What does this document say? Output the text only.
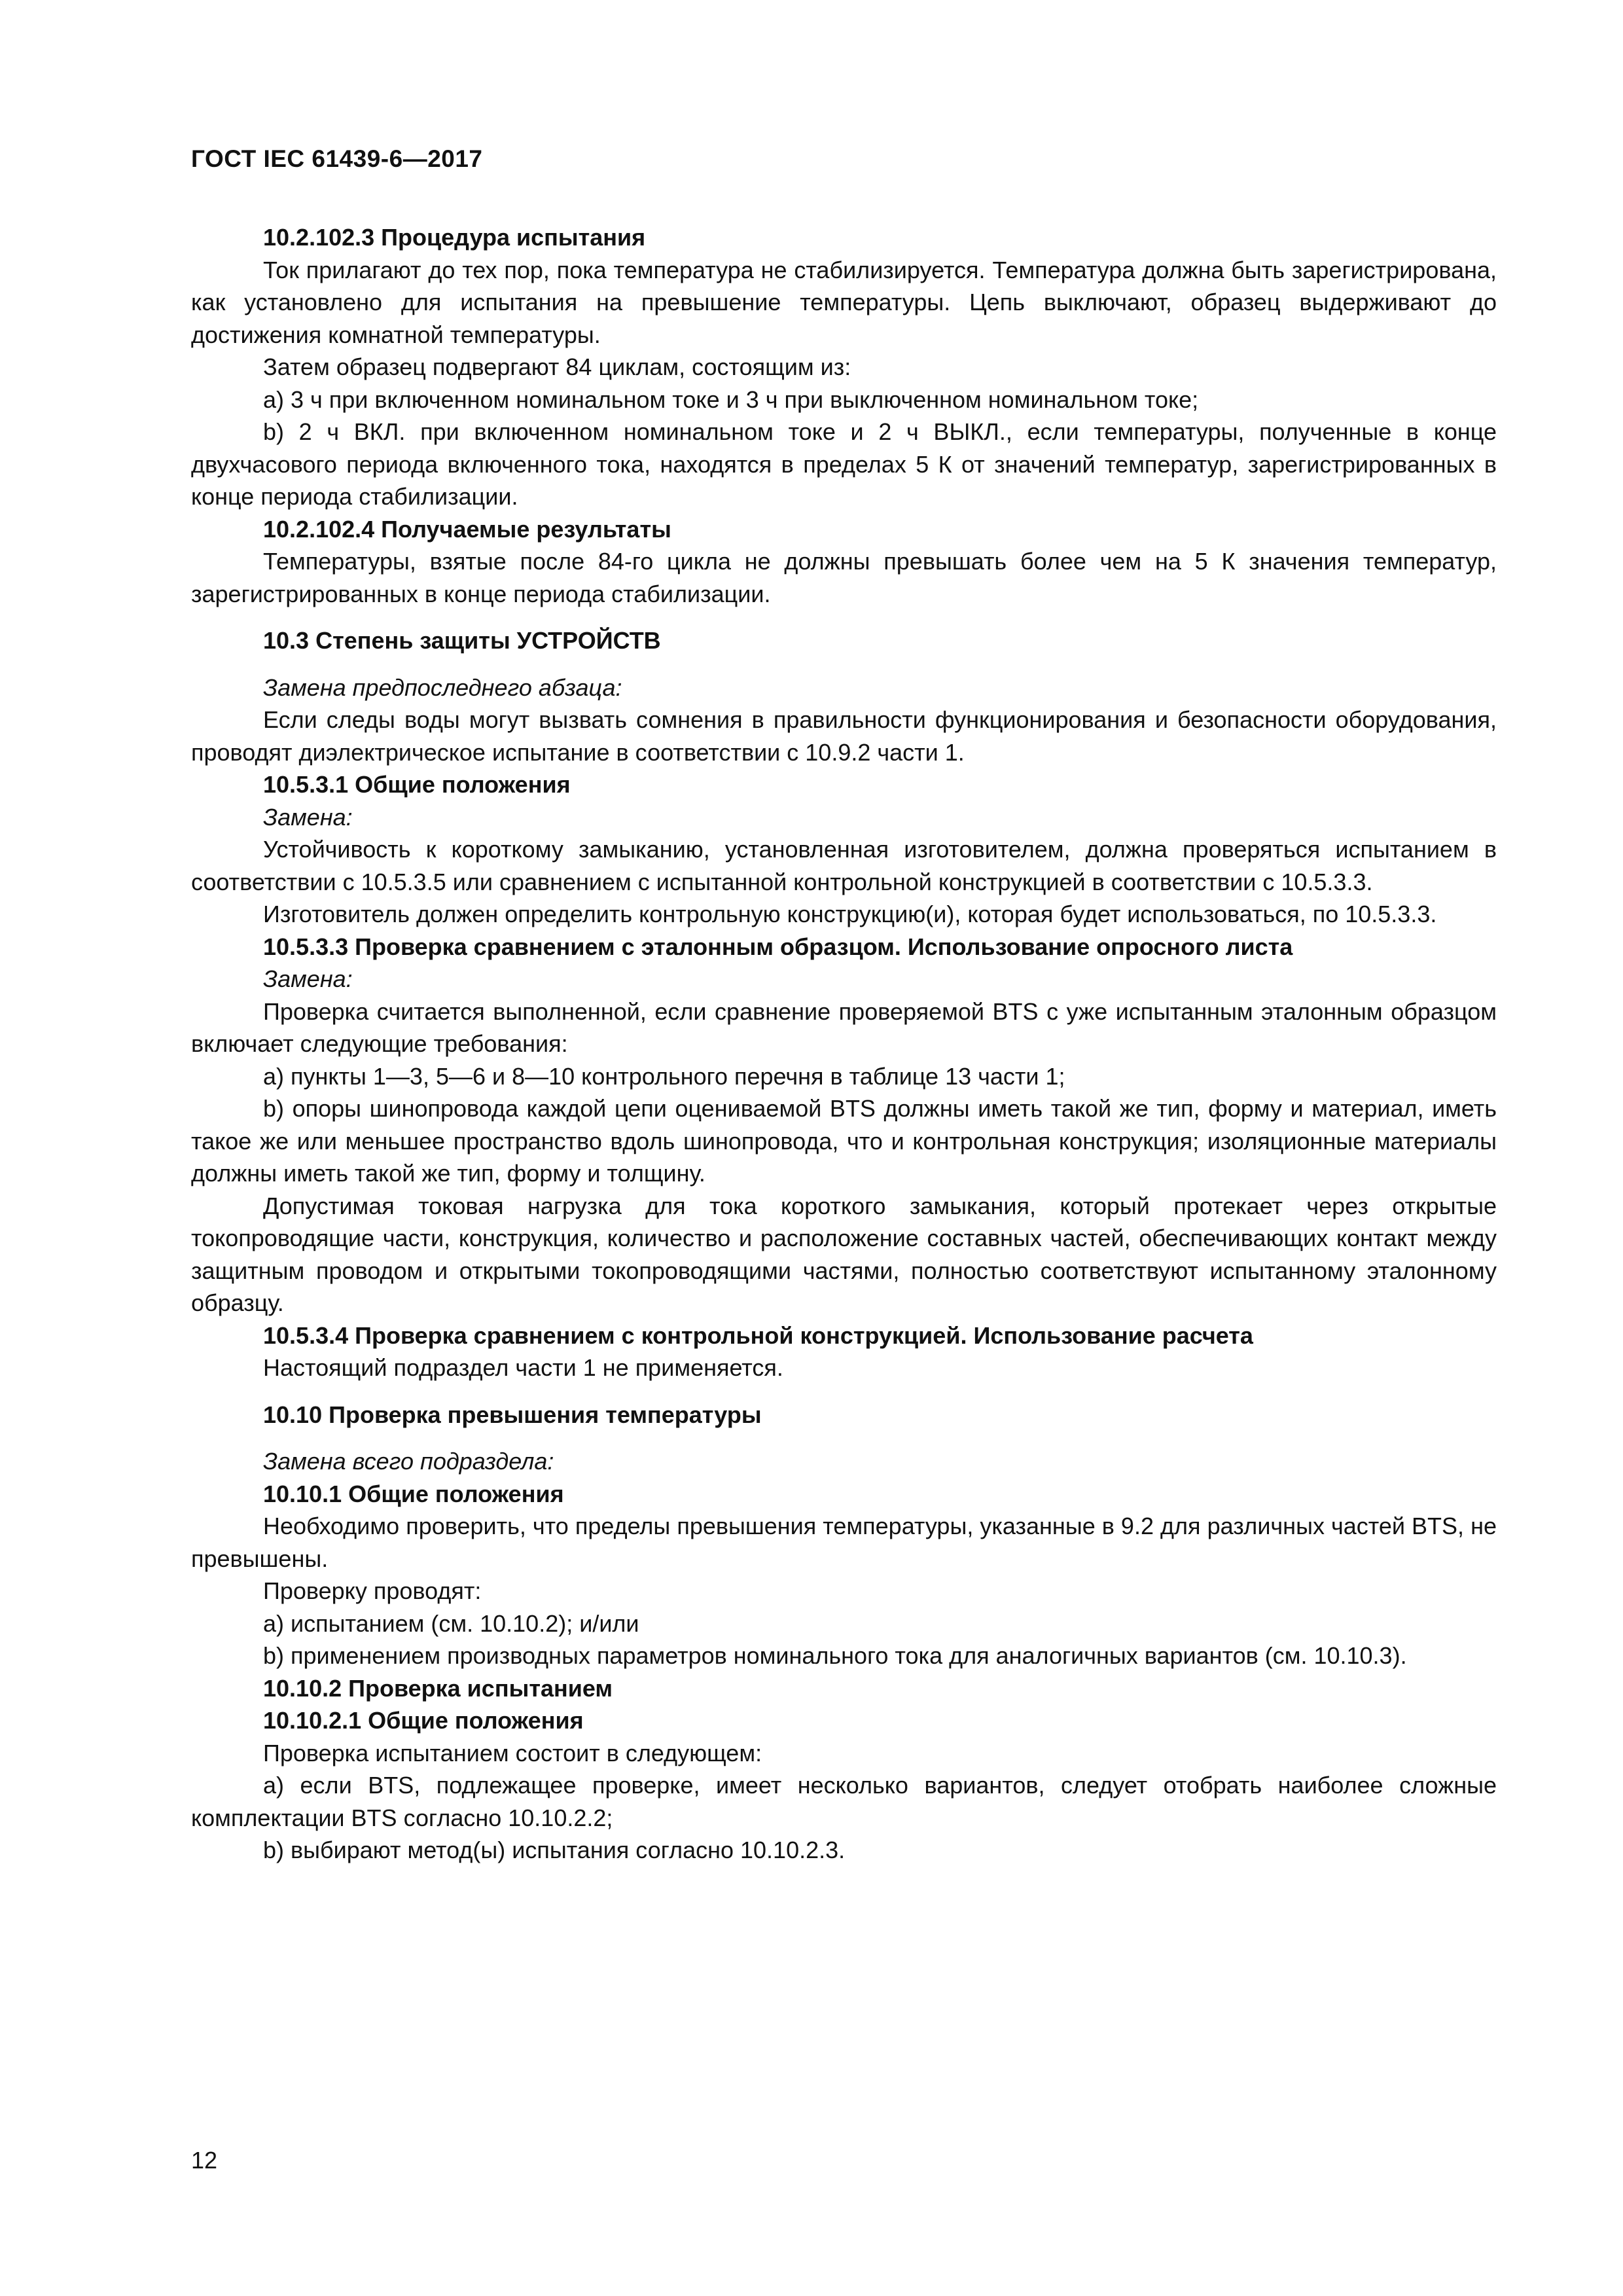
ГОСТ IEC 61439-6—2017

10.2.102.3 Процедура испытания

Ток прилагают до тех пор, пока температура не стабилизируется. Температура должна быть зарегистрирована, как установлено для испытания на превышение температуры. Цепь выключают, образец выдерживают до достижения комнатной температуры.

Затем образец подвергают 84 циклам, состоящим из:

a) 3 ч при включенном номинальном токе и 3 ч при выключенном номинальном токе;

b) 2 ч ВКЛ. при включенном номинальном токе и 2 ч ВЫКЛ., если температуры, полученные в конце двухчасового периода включенного тока, находятся в пределах 5 К от значений температур, зарегистрированных в конце периода стабилизации.

10.2.102.4 Получаемые результаты

Температуры, взятые после 84-го цикла не должны превышать более чем на 5 К значения температур, зарегистрированных в конце периода стабилизации.

10.3 Степень защиты УСТРОЙСТВ

Замена предпоследнего абзаца:

Если следы воды могут вызвать сомнения в правильности функционирования и безопасности оборудования, проводят диэлектрическое испытание в соответствии с 10.9.2 части 1.

10.5.3.1 Общие положения

Замена:

Устойчивость к короткому замыканию, установленная изготовителем, должна проверяться испытанием в соответствии с 10.5.3.5 или сравнением с испытанной контрольной конструкцией в соответствии с 10.5.3.3.

Изготовитель должен определить контрольную конструкцию(и), которая будет использоваться, по 10.5.3.3.

10.5.3.3 Проверка сравнением с эталонным образцом. Использование опросного листа

Замена:

Проверка считается выполненной, если сравнение проверяемой BTS с уже испытанным эталонным образцом включает следующие требования:

a) пункты 1—3, 5—6 и 8—10 контрольного перечня в таблице 13 части 1;

b) опоры шинопровода каждой цепи оцениваемой BTS должны иметь такой же тип, форму и материал, иметь такое же или меньшее пространство вдоль шинопровода, что и контрольная конструкция; изоляционные материалы должны иметь такой же тип, форму и толщину.

Допустимая токовая нагрузка для тока короткого замыкания, который протекает через открытые токопроводящие части, конструкция, количество и расположение составных частей, обеспечивающих контакт между защитным проводом и открытыми токопроводящими частями, полностью соответствуют испытанному эталонному образцу.

10.5.3.4 Проверка сравнением с контрольной конструкцией. Использование расчета

Настоящий подраздел части 1 не применяется.

10.10 Проверка превышения температуры

Замена всего подраздела:

10.10.1 Общие положения

Необходимо проверить, что пределы превышения температуры, указанные в 9.2 для различных частей BTS, не превышены.

Проверку проводят:

a) испытанием (см. 10.10.2); и/или

b) применением производных параметров номинального тока для аналогичных вариантов (см. 10.10.3).

10.10.2 Проверка испытанием

10.10.2.1 Общие положения

Проверка испытанием состоит в следующем:

a) если BTS, подлежащее проверке, имеет несколько вариантов, следует отобрать наиболее сложные комплектации BTS согласно 10.10.2.2;

b) выбирают метод(ы) испытания согласно 10.10.2.3.

12
